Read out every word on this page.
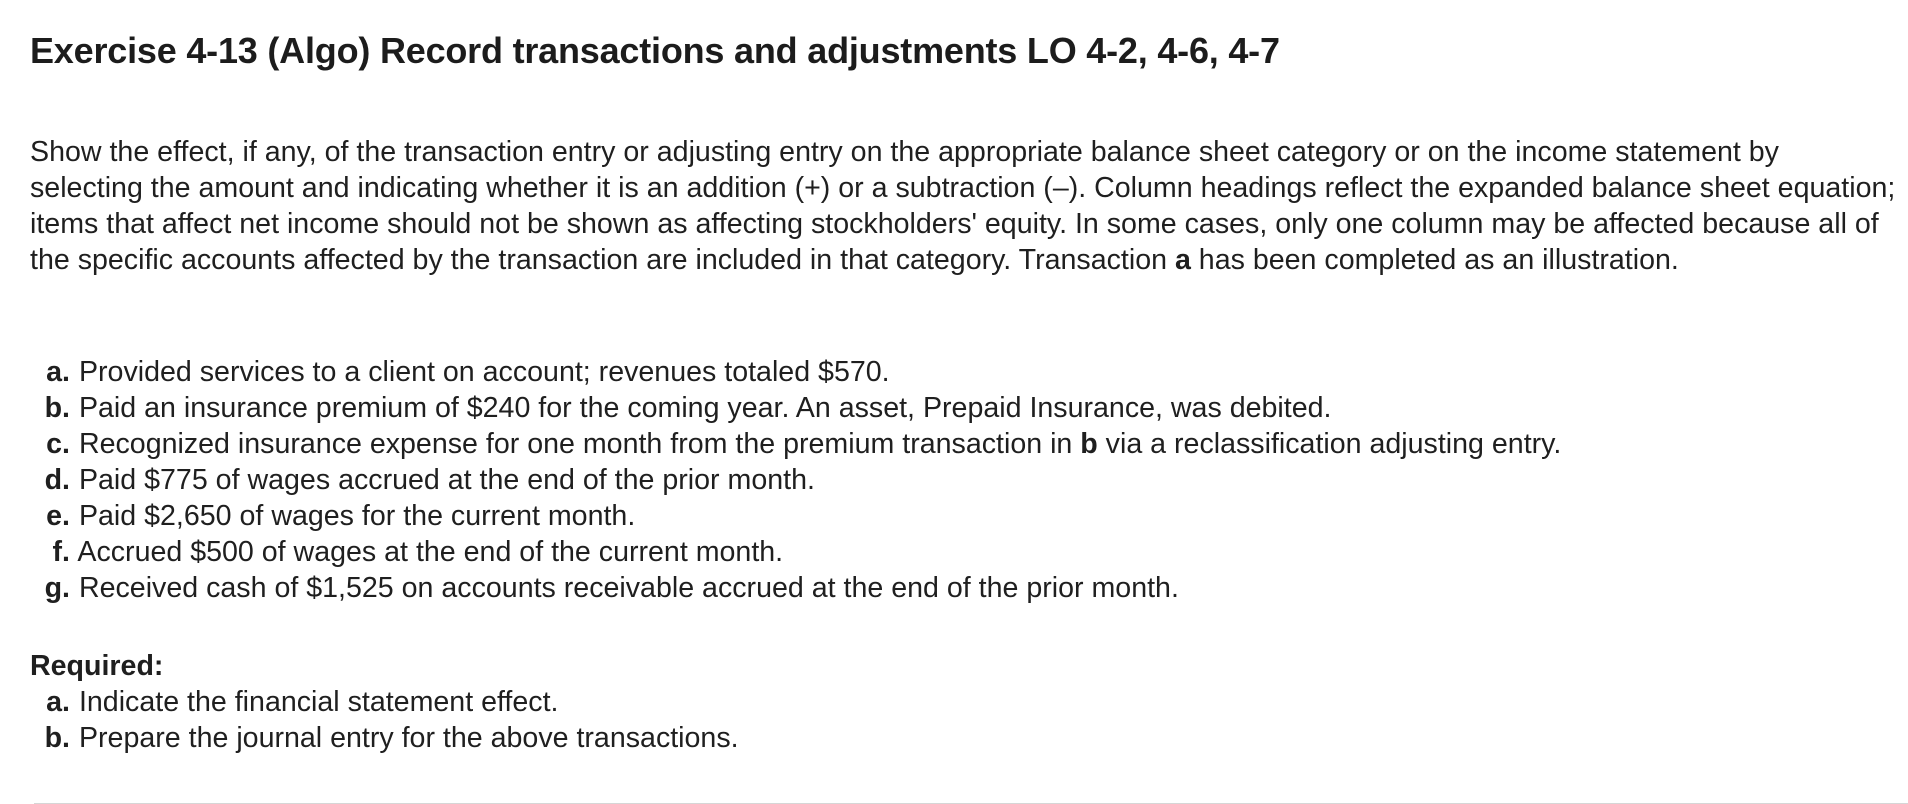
Exercise 4-13 (Algo) Record transactions and adjustments LO 4-2, 4-6, 4-7

Show the effect, if any, of the transaction entry or adjusting entry on the appropriate balance sheet category or on the income statement by selecting the amount and indicating whether it is an addition (+) or a subtraction (–). Column headings reflect the expanded balance sheet equation; items that affect net income should not be shown as affecting stockholders' equity. In some cases, only one column may be affected because all of the specific accounts affected by the transaction are included in that category. Transaction a has been completed as an illustration.

a. Provided services to a client on account; revenues totaled $570.
b. Paid an insurance premium of $240 for the coming year. An asset, Prepaid Insurance, was debited.
c. Recognized insurance expense for one month from the premium transaction in b via a reclassification adjusting entry.
d. Paid $775 of wages accrued at the end of the prior month.
e. Paid $2,650 of wages for the current month.
f. Accrued $500 of wages at the end of the current month.
g. Received cash of $1,525 on accounts receivable accrued at the end of the prior month.

Required:

a. Indicate the financial statement effect.
b. Prepare the journal entry for the above transactions.
